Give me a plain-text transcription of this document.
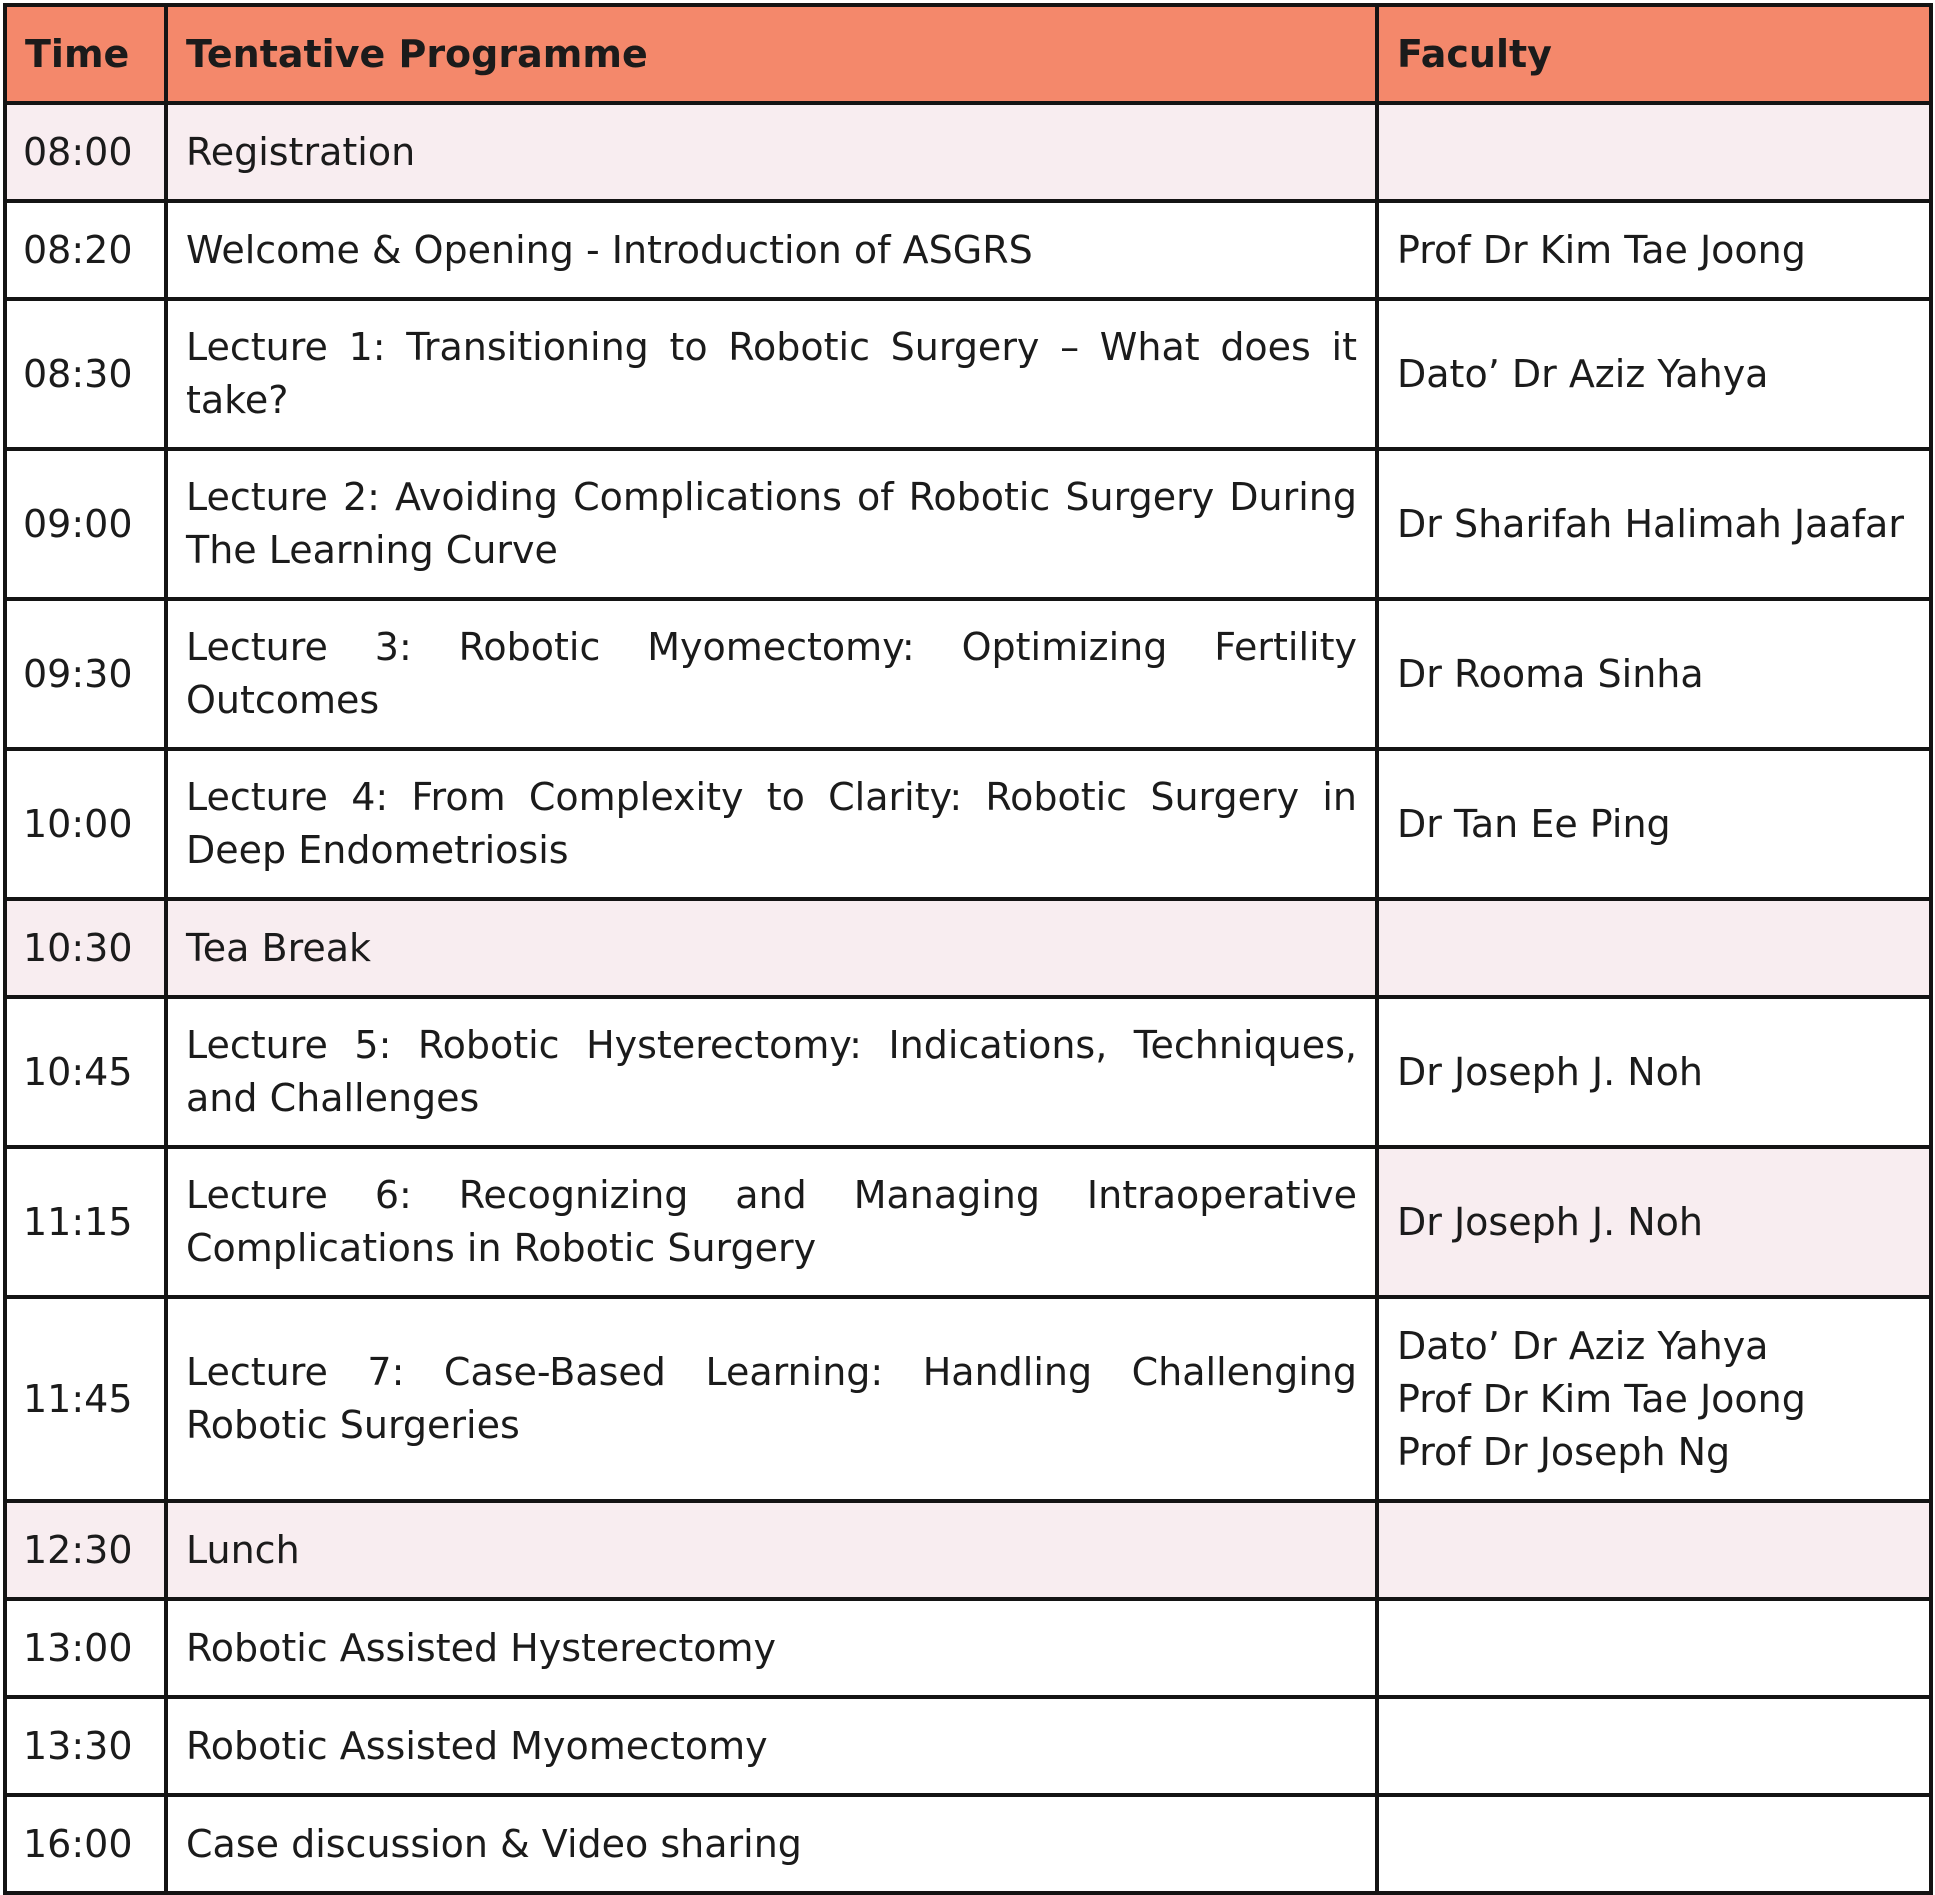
Time	Tentative Programme	Faculty
08:00	Registration	
08:20	Welcome & Opening - Introduction of ASGRS	Prof Dr Kim Tae Joong

08:30	Lecture 1: Transitioning to Robotic Surgery – What does it take?	Dato’ Dr Aziz Yahya

09:00	Lecture 2: Avoiding Complications of Robotic Surgery During The Learning Curve	Dr Sharifah Halimah Jaafar

09:30	Lecture 3: Robotic Myomectomy: Optimizing Fertility Outcomes	Dr Rooma Sinha

10:00	Lecture 4: From Complexity to Clarity: Robotic Surgery in Deep Endometriosis	Dr Tan Ee Ping

10:30	Tea Break	
10:45	Lecture 5: Robotic Hysterectomy: Indications, Techniques, and Challenges	Dr Joseph J. Noh

11:15	Lecture 6: Recognizing and Managing Intraoperative Complications in Robotic Surgery	Dr Joseph J. Noh

11:45	Lecture 7: Case-Based Learning: Handling Challenging Robotic Surgeries	Dato’ Dr Aziz Yahya
Prof Dr Kim Tae Joong
Prof Dr Joseph Ng

12:30	Lunch	
13:00	Robotic Assisted Hysterectomy	
13:30	Robotic Assisted Myomectomy	
16:00	Case discussion & Video sharing	
